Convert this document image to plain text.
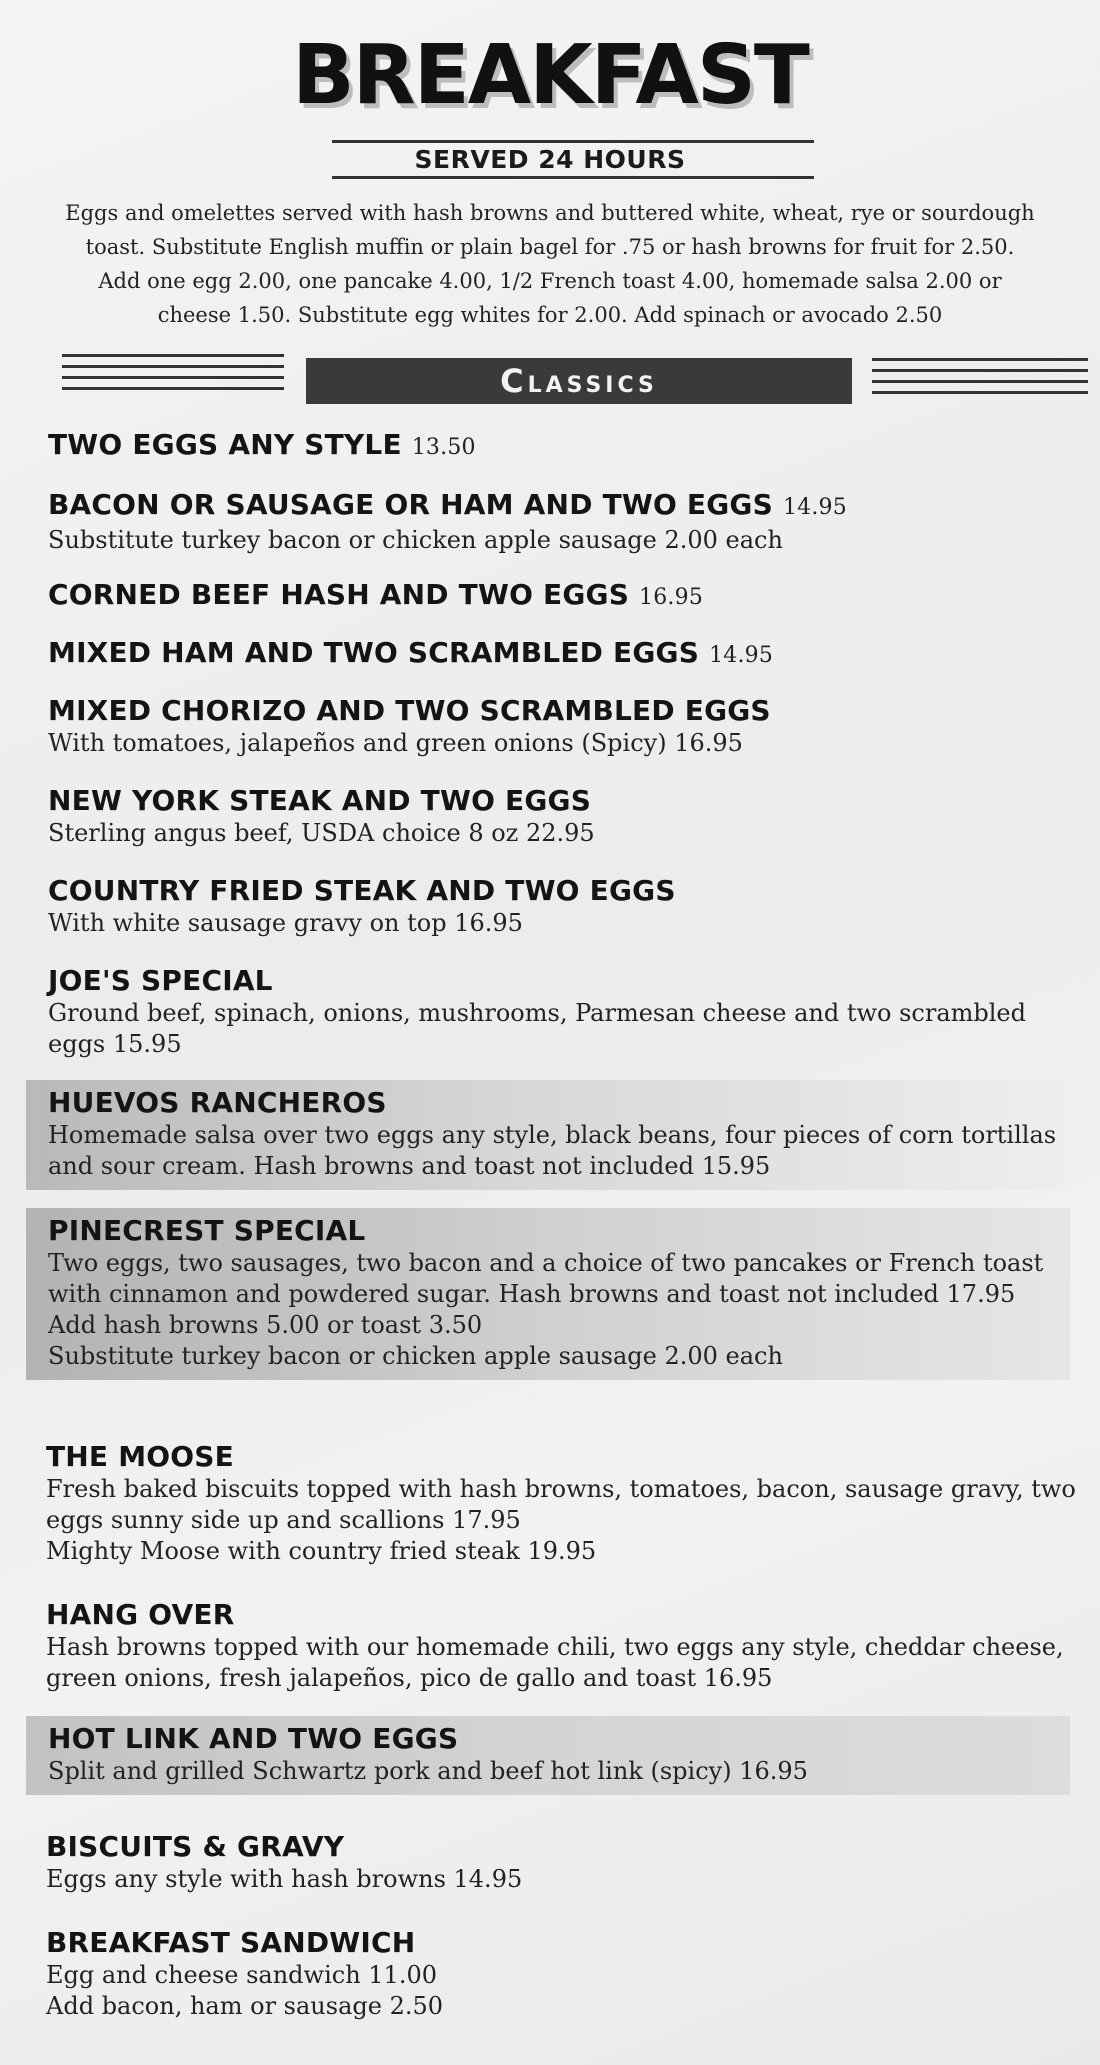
BREAKFAST
SERVED 24 HOURS
Eggs and omelettes served with hash browns and buttered white, wheat, rye or sourdough toast. Substitute English muffin or plain bagel for .75 or hash browns for fruit for 2.50. Add one egg 2.00, one pancake 4.00, 1/2 French toast 4.00, homemade salsa 2.00 or cheese 1.50. Substitute egg whites for 2.00. Add spinach or avocado 2.50
Classics
TWO EGGS ANY STYLE 13.50
BACON OR SAUSAGE OR HAM AND TWO EGGS 14.95
Substitute turkey bacon or chicken apple sausage 2.00 each
CORNED BEEF HASH AND TWO EGGS 16.95
MIXED HAM AND TWO SCRAMBLED EGGS 14.95
MIXED CHORIZO AND TWO SCRAMBLED EGGS
With tomatoes, jalapeños and green onions (Spicy) 16.95
NEW YORK STEAK AND TWO EGGS
Sterling angus beef, USDA choice 8 oz 22.95
COUNTRY FRIED STEAK AND TWO EGGS
With white sausage gravy on top 16.95
JOE'S SPECIAL
Ground beef, spinach, onions, mushrooms, Parmesan cheese and two scrambled eggs 15.95
HUEVOS RANCHEROS
Homemade salsa over two eggs any style, black beans, four pieces of corn tortillas and sour cream. Hash browns and toast not included 15.95
PINECREST SPECIAL
Two eggs, two sausages, two bacon and a choice of two pancakes or French toast with cinnamon and powdered sugar. Hash browns and toast not included 17.95
Add hash browns 5.00 or toast 3.50
Substitute turkey bacon or chicken apple sausage 2.00 each
THE MOOSE
Fresh baked biscuits topped with hash browns, tomatoes, bacon, sausage gravy, two eggs sunny side up and scallions 17.95
Mighty Moose with country fried steak 19.95
HANG OVER
Hash browns topped with our homemade chili, two eggs any style, cheddar cheese, green onions, fresh jalapeños, pico de gallo and toast 16.95
HOT LINK AND TWO EGGS
Split and grilled Schwartz pork and beef hot link (spicy) 16.95
BISCUITS & GRAVY
Eggs any style with hash browns 14.95
BREAKFAST SANDWICH
Egg and cheese sandwich 11.00
Add bacon, ham or sausage 2.50
